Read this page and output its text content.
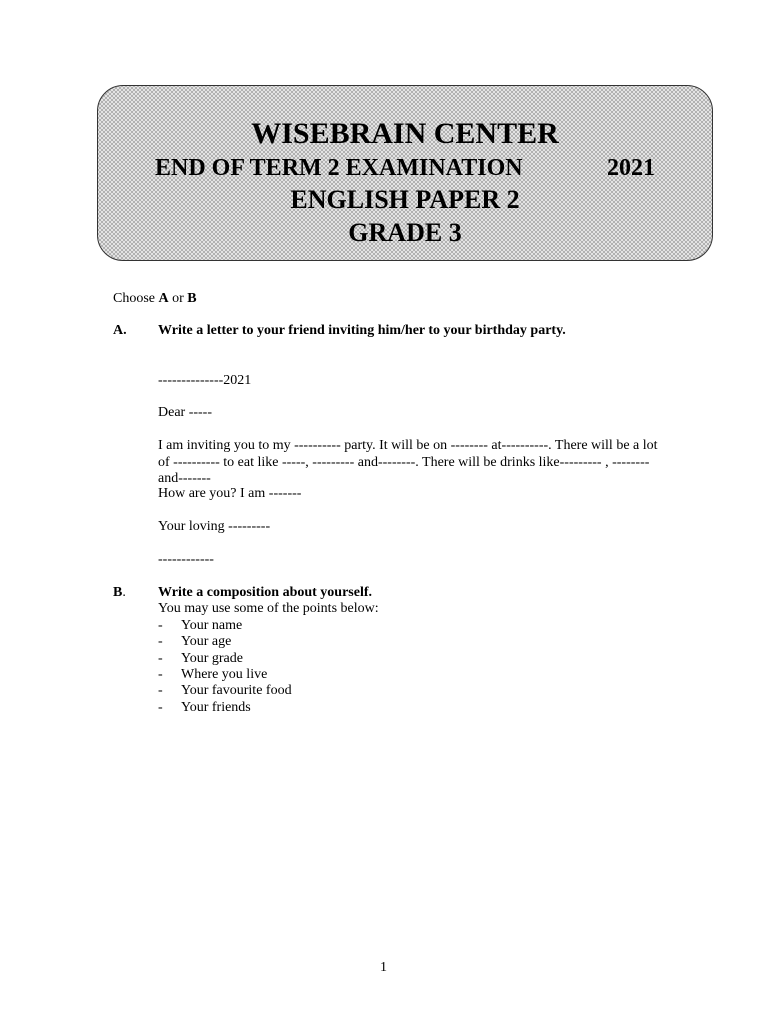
WISEBRAIN CENTER
END OF TERM 2 EXAMINATION	2021
ENGLISH PAPER 2
GRADE 3
Choose A or B
A. Write a letter to your friend inviting him/her to your birthday party.
--------------2021
Dear -----
I am inviting you to my ---------- party. It will be on -------- at----------. There will be a lot of ---------- to eat like -----, --------- and--------. There will be drinks like--------- , -------- and-------
How are you? I am -------
Your loving ---------
------------
B. Write a composition about yourself.
You may use some of the points below:
- Your name
- Your age
- Your grade
- Where you live
- Your favourite food
- Your friends
1
